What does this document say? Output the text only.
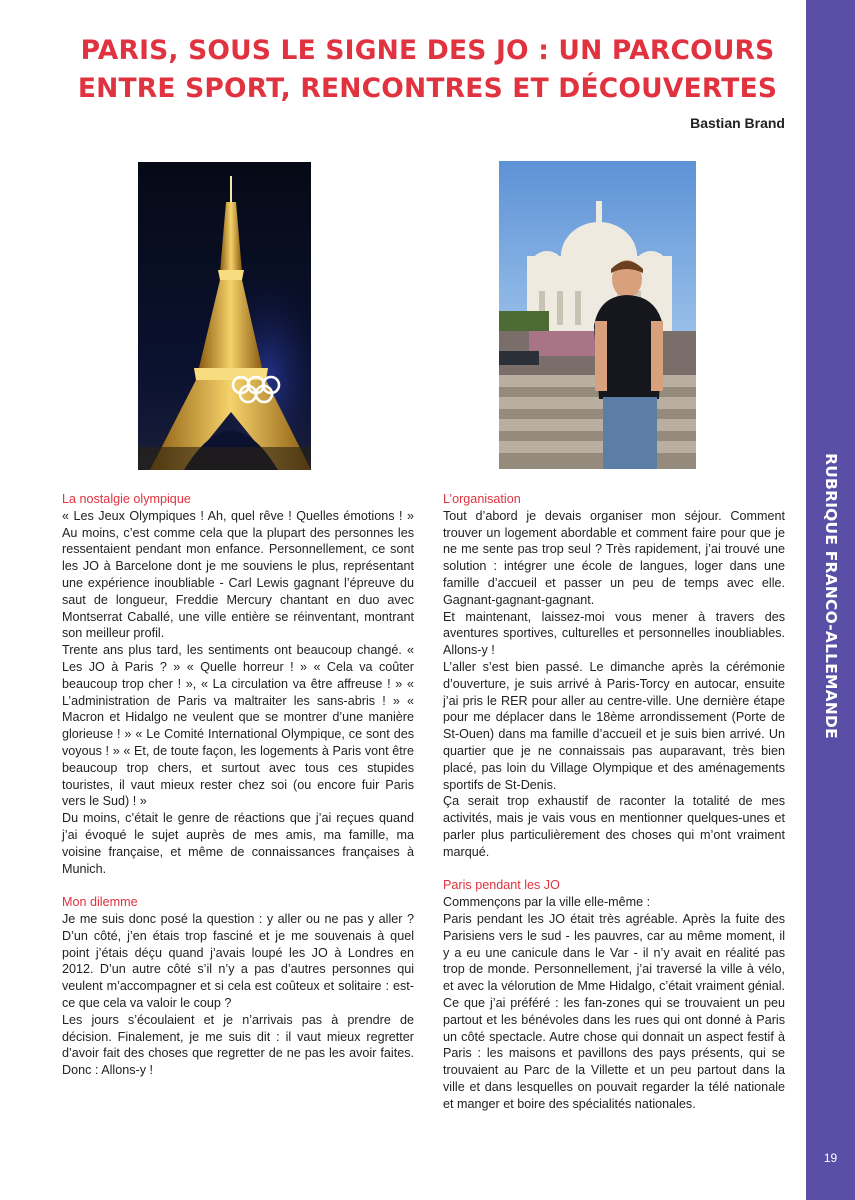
RUBRIQUE FRANCO-ALLEMANDE
19
PARIS, SOUS LE SIGNE DES JO : UN PARCOURS
ENTRE SPORT, RENCONTRES ET DÉCOUVERTES
Bastian Brand

La nostalgie olympique

« Les Jeux Olympiques ! Ah, quel rêve ! Quelles émotions ! » Au moins, c’est comme cela que la plupart des personnes les ressentaient pendant mon enfance. Personnellement, ce sont les JO à Barcelone dont je me souviens le plus, représentant une expérience inoubliable - Carl Lewis gagnant l’épreuve du saut de longueur, Freddie Mercury chantant en duo avec Montserrat Caballé, une ville entière se réinventant, montrant son meilleur profil.

Trente ans plus tard, les sentiments ont beaucoup changé. « Les JO à Paris ? » « Quelle horreur ! » « Cela va coûter beaucoup trop cher ! », « La circulation va être affreuse ! » « L’administration de Paris va maltraiter les sans-abris ! » « Macron et Hidalgo ne veulent que se montrer d’une manière glorieuse ! » « Le Comité International Olympique, ce sont des voyous ! » « Et, de toute façon, les logements à Paris vont être beaucoup trop chers, et surtout avec tous ces stupides touristes, il vaut mieux rester chez soi (ou encore fuir Paris vers le Sud) ! »

Du moins, c’était le genre de réactions que j’ai reçues quand j’ai évoqué le sujet auprès de mes amis, ma famille, ma voisine française, et même de connaissances françaises à Munich.

Mon dilemme

Je me suis donc posé la question : y aller ou ne pas y aller ? D’un côté, j’en étais trop fasciné et je me souvenais à quel point j’étais déçu quand j’avais loupé les JO à Londres en 2012. D’un autre côté s’il n’y a pas d’autres personnes qui veulent m’accompagner et si cela est coûteux et solitaire : est-ce que cela va valoir le coup ?

Les jours s’écoulaient et je n’arrivais pas à prendre de décision. Finalement, je me suis dit : il vaut mieux regretter d’avoir fait des choses que regretter de ne pas les avoir faites. Donc : Allons-y !

L’organisation

Tout d’abord je devais organiser mon séjour. Comment trouver un logement abordable et comment faire pour que je ne me sente pas trop seul ? Très rapidement, j’ai trouvé une solution : intégrer une école de langues, loger dans une famille d’accueil et passer un peu de temps avec elle. Gagnant-gagnant-gagnant.

Et maintenant, laissez-moi vous mener à travers des aventures sportives, culturelles et personnelles inoubliables. Allons-y !

L’aller s’est bien passé. Le dimanche après la cérémonie d’ouverture, je suis arrivé à Paris-Torcy en autocar, ensuite j’ai pris le RER pour aller au centre-ville. Une dernière étape pour me déplacer dans le 18ème arrondissement (Porte de St-Ouen) dans ma famille d’accueil et je suis bien arrivé. Un quartier que je ne connaissais pas auparavant, très bien placé, pas loin du Village Olympique et des aménagements sportifs de St-Denis.

Ça serait trop exhaustif de raconter la totalité de mes activités, mais je vais vous en mentionner quelques-unes et parler plus particulièrement des choses qui m’ont vraiment marqué.

Paris pendant les JO

Commençons par la ville elle-même :

Paris pendant les JO était très agréable. Après la fuite des Parisiens vers le sud - les pauvres, car au même moment, il y a eu une canicule dans le Var - il n’y avait en réalité pas trop de monde. Personnellement, j’ai traversé la ville à vélo, et avec la vélorution de Mme Hidalgo, c’était vraiment génial. Ce que j’ai préféré : les fan-zones qui se trouvaient un peu partout et les bénévoles dans les rues qui ont donné à Paris un côté spectacle. Autre chose qui donnait un aspect festif à Paris : les maisons et pavillons des pays présents, qui se trouvaient au Parc de la Villette et un peu partout dans la ville et dans lesquelles on pouvait regarder la télé nationale et manger et boire des spécialités nationales.
